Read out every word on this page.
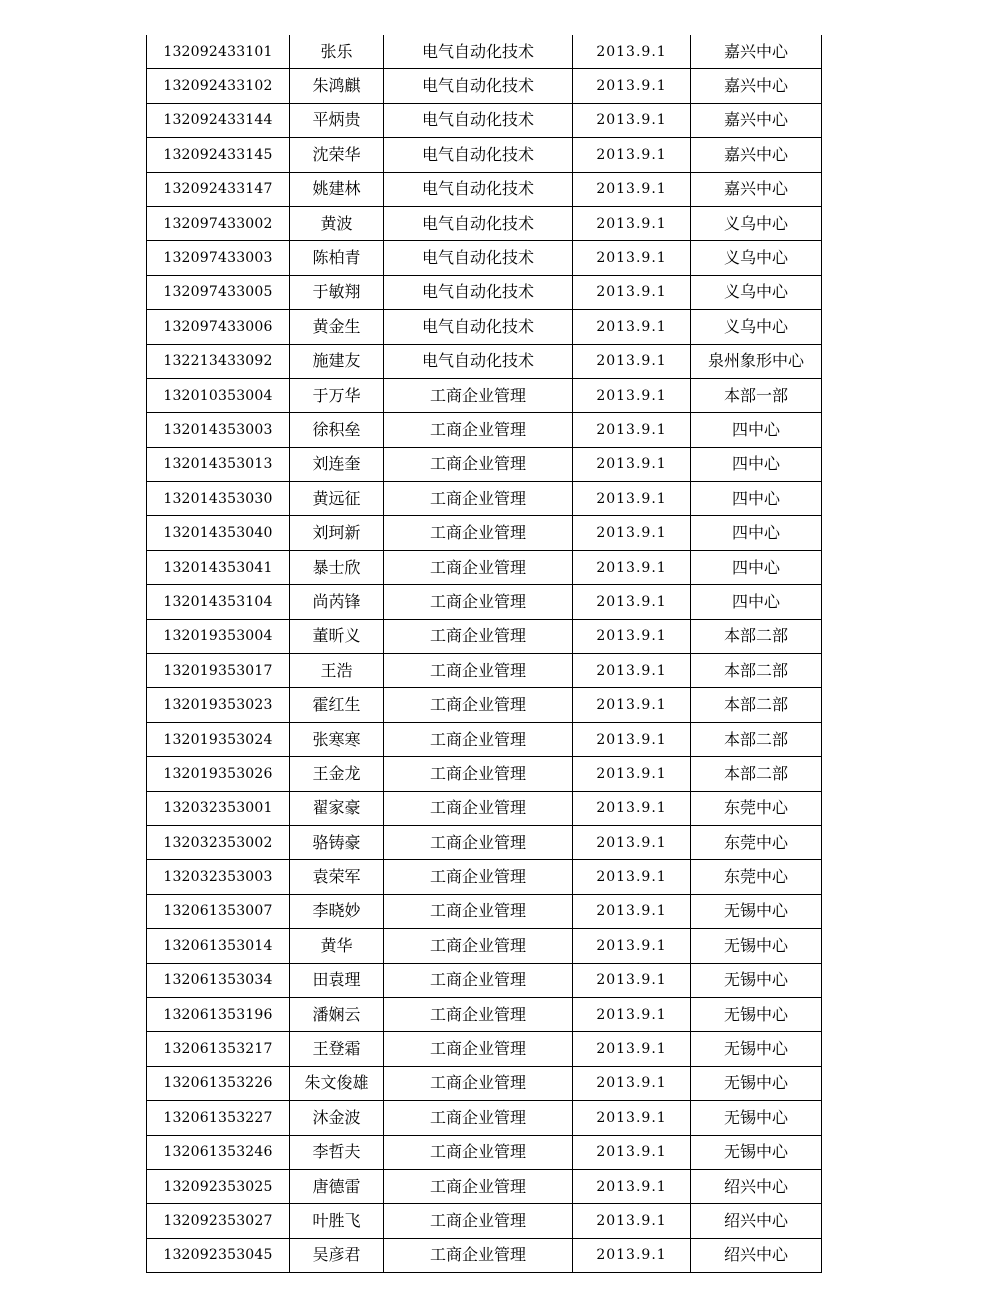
132092433101	张乐	电气自动化技术	2013.9.1	嘉兴中心
132092433102	朱鸿麒	电气自动化技术	2013.9.1	嘉兴中心
132092433144	平炳贵	电气自动化技术	2013.9.1	嘉兴中心
132092433145	沈荣华	电气自动化技术	2013.9.1	嘉兴中心
132092433147	姚建林	电气自动化技术	2013.9.1	嘉兴中心
132097433002	黄波	电气自动化技术	2013.9.1	义乌中心
132097433003	陈柏青	电气自动化技术	2013.9.1	义乌中心
132097433005	于敏翔	电气自动化技术	2013.9.1	义乌中心
132097433006	黄金生	电气自动化技术	2013.9.1	义乌中心
132213433092	施建友	电气自动化技术	2013.9.1	泉州象形中心
132010353004	于万华	工商企业管理	2013.9.1	本部一部
132014353003	徐积垒	工商企业管理	2013.9.1	四中心
132014353013	刘连奎	工商企业管理	2013.9.1	四中心
132014353030	黄远征	工商企业管理	2013.9.1	四中心
132014353040	刘珂新	工商企业管理	2013.9.1	四中心
132014353041	暴士欣	工商企业管理	2013.9.1	四中心
132014353104	尚芮锋	工商企业管理	2013.9.1	四中心
132019353004	董昕义	工商企业管理	2013.9.1	本部二部
132019353017	王浩	工商企业管理	2013.9.1	本部二部
132019353023	霍红生	工商企业管理	2013.9.1	本部二部
132019353024	张寒寒	工商企业管理	2013.9.1	本部二部
132019353026	王金龙	工商企业管理	2013.9.1	本部二部
132032353001	翟家豪	工商企业管理	2013.9.1	东莞中心
132032353002	骆铸豪	工商企业管理	2013.9.1	东莞中心
132032353003	袁荣军	工商企业管理	2013.9.1	东莞中心
132061353007	李晓妙	工商企业管理	2013.9.1	无锡中心
132061353014	黄华	工商企业管理	2013.9.1	无锡中心
132061353034	田袁理	工商企业管理	2013.9.1	无锡中心
132061353196	潘娴云	工商企业管理	2013.9.1	无锡中心
132061353217	王登霜	工商企业管理	2013.9.1	无锡中心
132061353226	朱文俊雄	工商企业管理	2013.9.1	无锡中心
132061353227	沐金波	工商企业管理	2013.9.1	无锡中心
132061353246	李哲夫	工商企业管理	2013.9.1	无锡中心
132092353025	唐德雷	工商企业管理	2013.9.1	绍兴中心
132092353027	叶胜飞	工商企业管理	2013.9.1	绍兴中心
132092353045	吴彦君	工商企业管理	2013.9.1	绍兴中心
